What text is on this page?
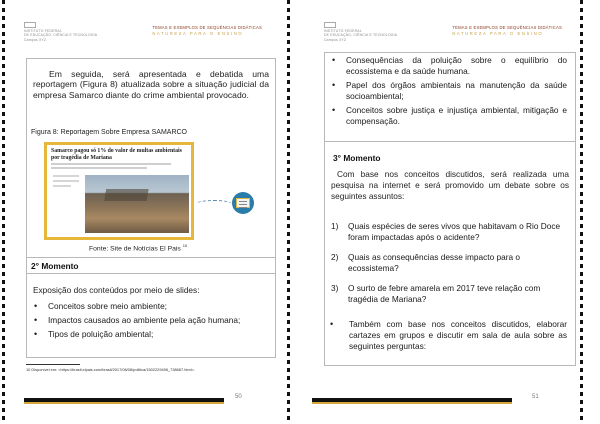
INSTITUTO FEDERAL
DE EDUCAÇÃO, CIÊNCIA E TECNOLOGIA
Campus XYZ
TEMAS E EXEMPLOS DE SEQUÊNCIAS DIDÁTICAS
NATUREZA PARA O ENSINO

Em seguida, será apresentada e debatida uma reportagem (Figura 8) atualizada sobre a situação judicial da empresa Samarco diante do crime ambiental provocado.

Figura 8: Reportagem Sobre Empresa SAMARCO

Fonte: Site de Notícias El Pais $^{10}$

2° Momento

Exposição dos conteúdos por meio de slides:

• Conceitos sobre meio ambiente;
• Impactos causados ao ambiente pela ação humana;
• Tipos de poluição ambiental;
Samarco pagou só 1% do valor de multas ambientais por tragédia de Mariana

10 Disponível em: <https://brasil.elpais.com/brasil/2017/08/08/politica/1502229496_738687.html>.

50
INSTITUTO FEDERAL
DE EDUCAÇÃO, CIÊNCIA E TECNOLOGIA
Campus XYZ
TEMAS E EXEMPLOS DE SEQUÊNCIAS DIDÁTICAS
NATUREZA PARA O ENSINO
• Consequências da poluição sobre o equilíbrio do ecossistema e da saúde humana.
• Papel dos órgãos ambientais na manutenção da saúde socioambiental;
• Conceitos sobre justiça e injustiça ambiental, mitigação e compensação.

3° Momento

Com base nos conceitos discutidos, será realizada uma pesquisa na internet e será promovido um debate sobre os seguintes assuntos:

1) Quais espécies de seres vivos que habitavam o Rio Doce foram impactadas após o acidente?

2) Quais as consequências desse impacto para o ecossistema?

3) O surto de febre amarela em 2017 teve relação com tragédia de Mariana?

• Também com base nos conceitos discutidos, elaborar cartazes em grupos e discutir em sala de aula sobre as seguintes perguntas:
51
